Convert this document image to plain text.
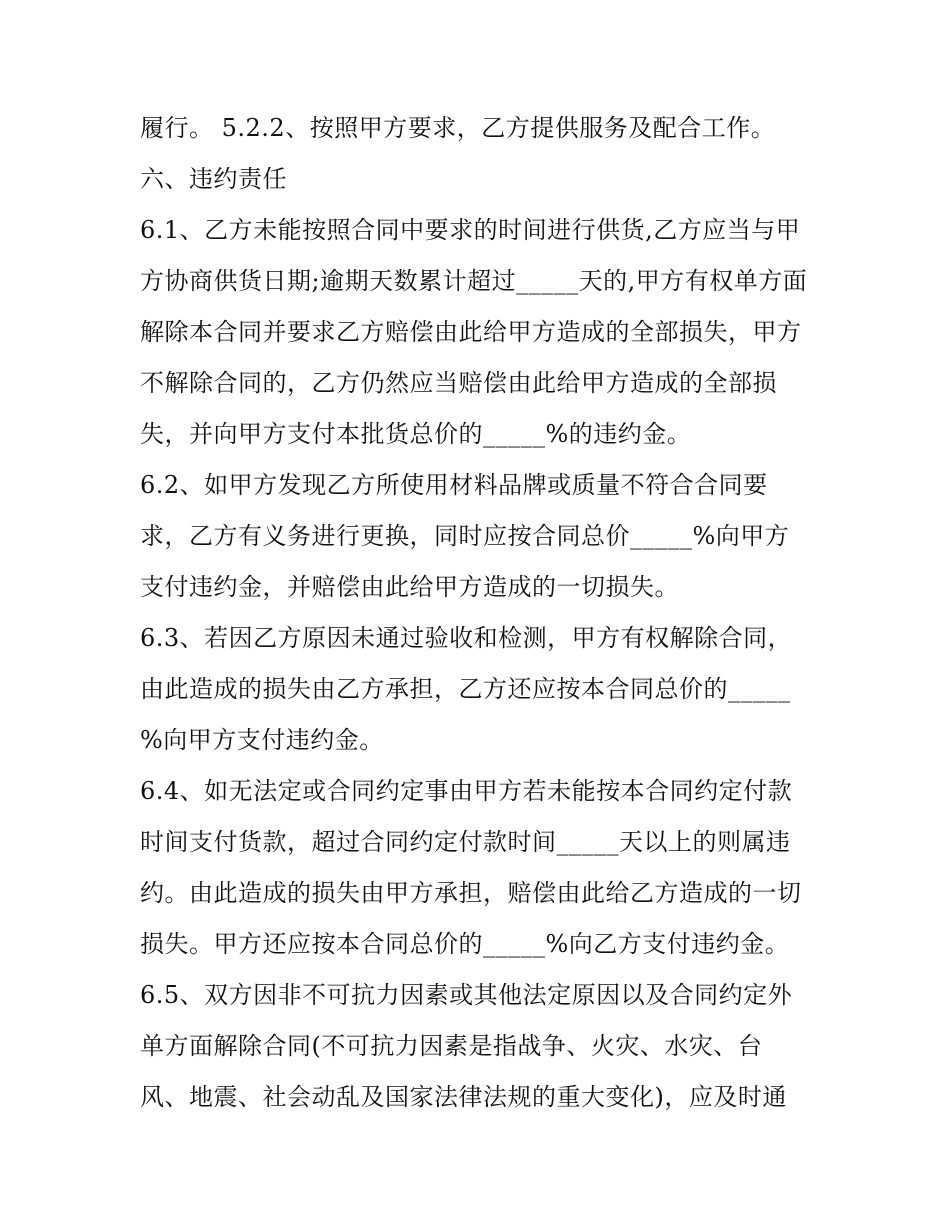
履行。 5.2.2、按照甲方要求，乙方提供服务及配合工作。
六、违约责任
6.1、乙方未能按照合同中要求的时间进行供货,乙方应当与甲
方协商供货日期;逾期天数累计超过_____天的,甲方有权单方面
解除本合同并要求乙方赔偿由此给甲方造成的全部损失，甲方
不解除合同的，乙方仍然应当赔偿由此给甲方造成的全部损
失，并向甲方支付本批货总价的_____%的违约金。
6.2、如甲方发现乙方所使用材料品牌或质量不符合合同要
求，乙方有义务进行更换，同时应按合同总价_____%向甲方
支付违约金，并赔偿由此给甲方造成的一切损失。
6.3、若因乙方原因未通过验收和检测，甲方有权解除合同，
由此造成的损失由乙方承担，乙方还应按本合同总价的_____
%向甲方支付违约金。
6.4、如无法定或合同约定事由甲方若未能按本合同约定付款
时间支付货款，超过合同约定付款时间_____天以上的则属违
约。由此造成的损失由甲方承担，赔偿由此给乙方造成的一切
损失。甲方还应按本合同总价的_____%向乙方支付违约金。
6.5、双方因非不可抗力因素或其他法定原因以及合同约定外
单方面解除合同(不可抗力因素是指战争、火灾、水灾、台
风、地震、社会动乱及国家法律法规的重大变化)，应及时通
